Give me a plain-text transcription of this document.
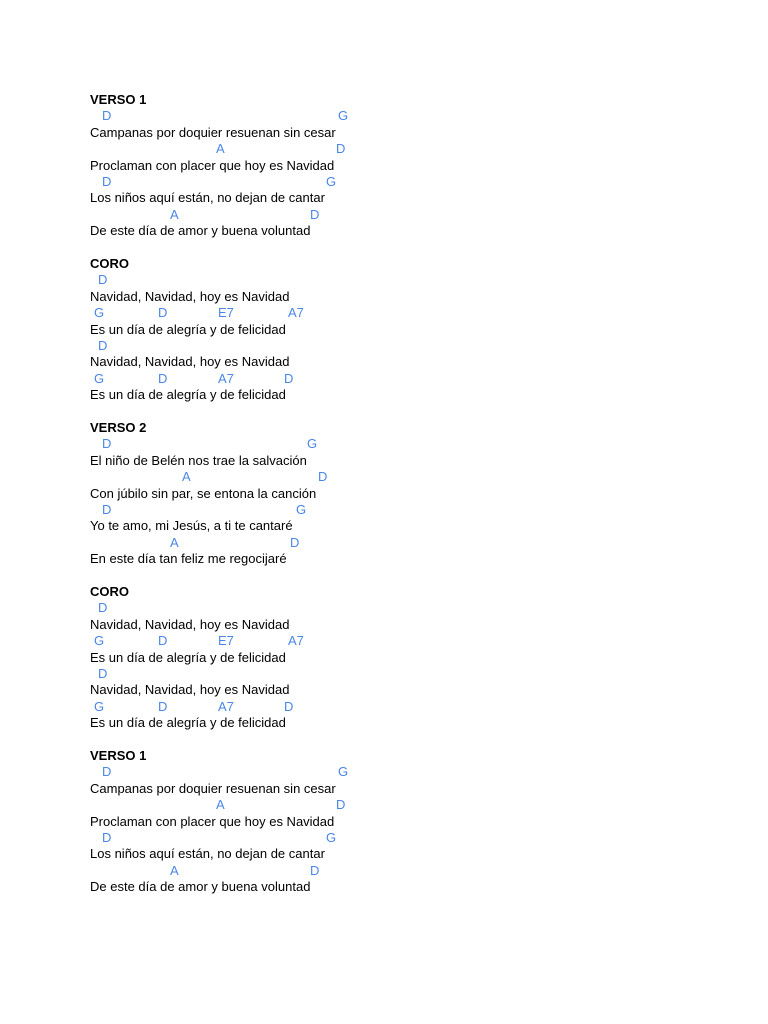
VERSO 1
D	G
Campanas por doquier resuenan sin cesar
A	D
Proclaman con placer que hoy es Navidad
D	G
Los niños aquí están, no dejan de cantar
A	D
De este día de amor y buena voluntad
CORO
D
Navidad, Navidad, hoy es Navidad
G	D	E7	A7
Es un día de alegría y de felicidad
D
Navidad, Navidad, hoy es Navidad
G	D	A7	D
Es un día de alegría y de felicidad
VERSO 2
D	G
El niño de Belén nos trae la salvación
A	D
Con júbilo sin par, se entona la canción
D	G
Yo te amo, mi Jesús, a ti te cantaré
A	D
En este día tan feliz me regocijaré
CORO
D
Navidad, Navidad, hoy es Navidad
G	D	E7	A7
Es un día de alegría y de felicidad
D
Navidad, Navidad, hoy es Navidad
G	D	A7	D
Es un día de alegría y de felicidad
VERSO 1
D	G
Campanas por doquier resuenan sin cesar
A	D
Proclaman con placer que hoy es Navidad
D	G
Los niños aquí están, no dejan de cantar
A	D
De este día de amor y buena voluntad
